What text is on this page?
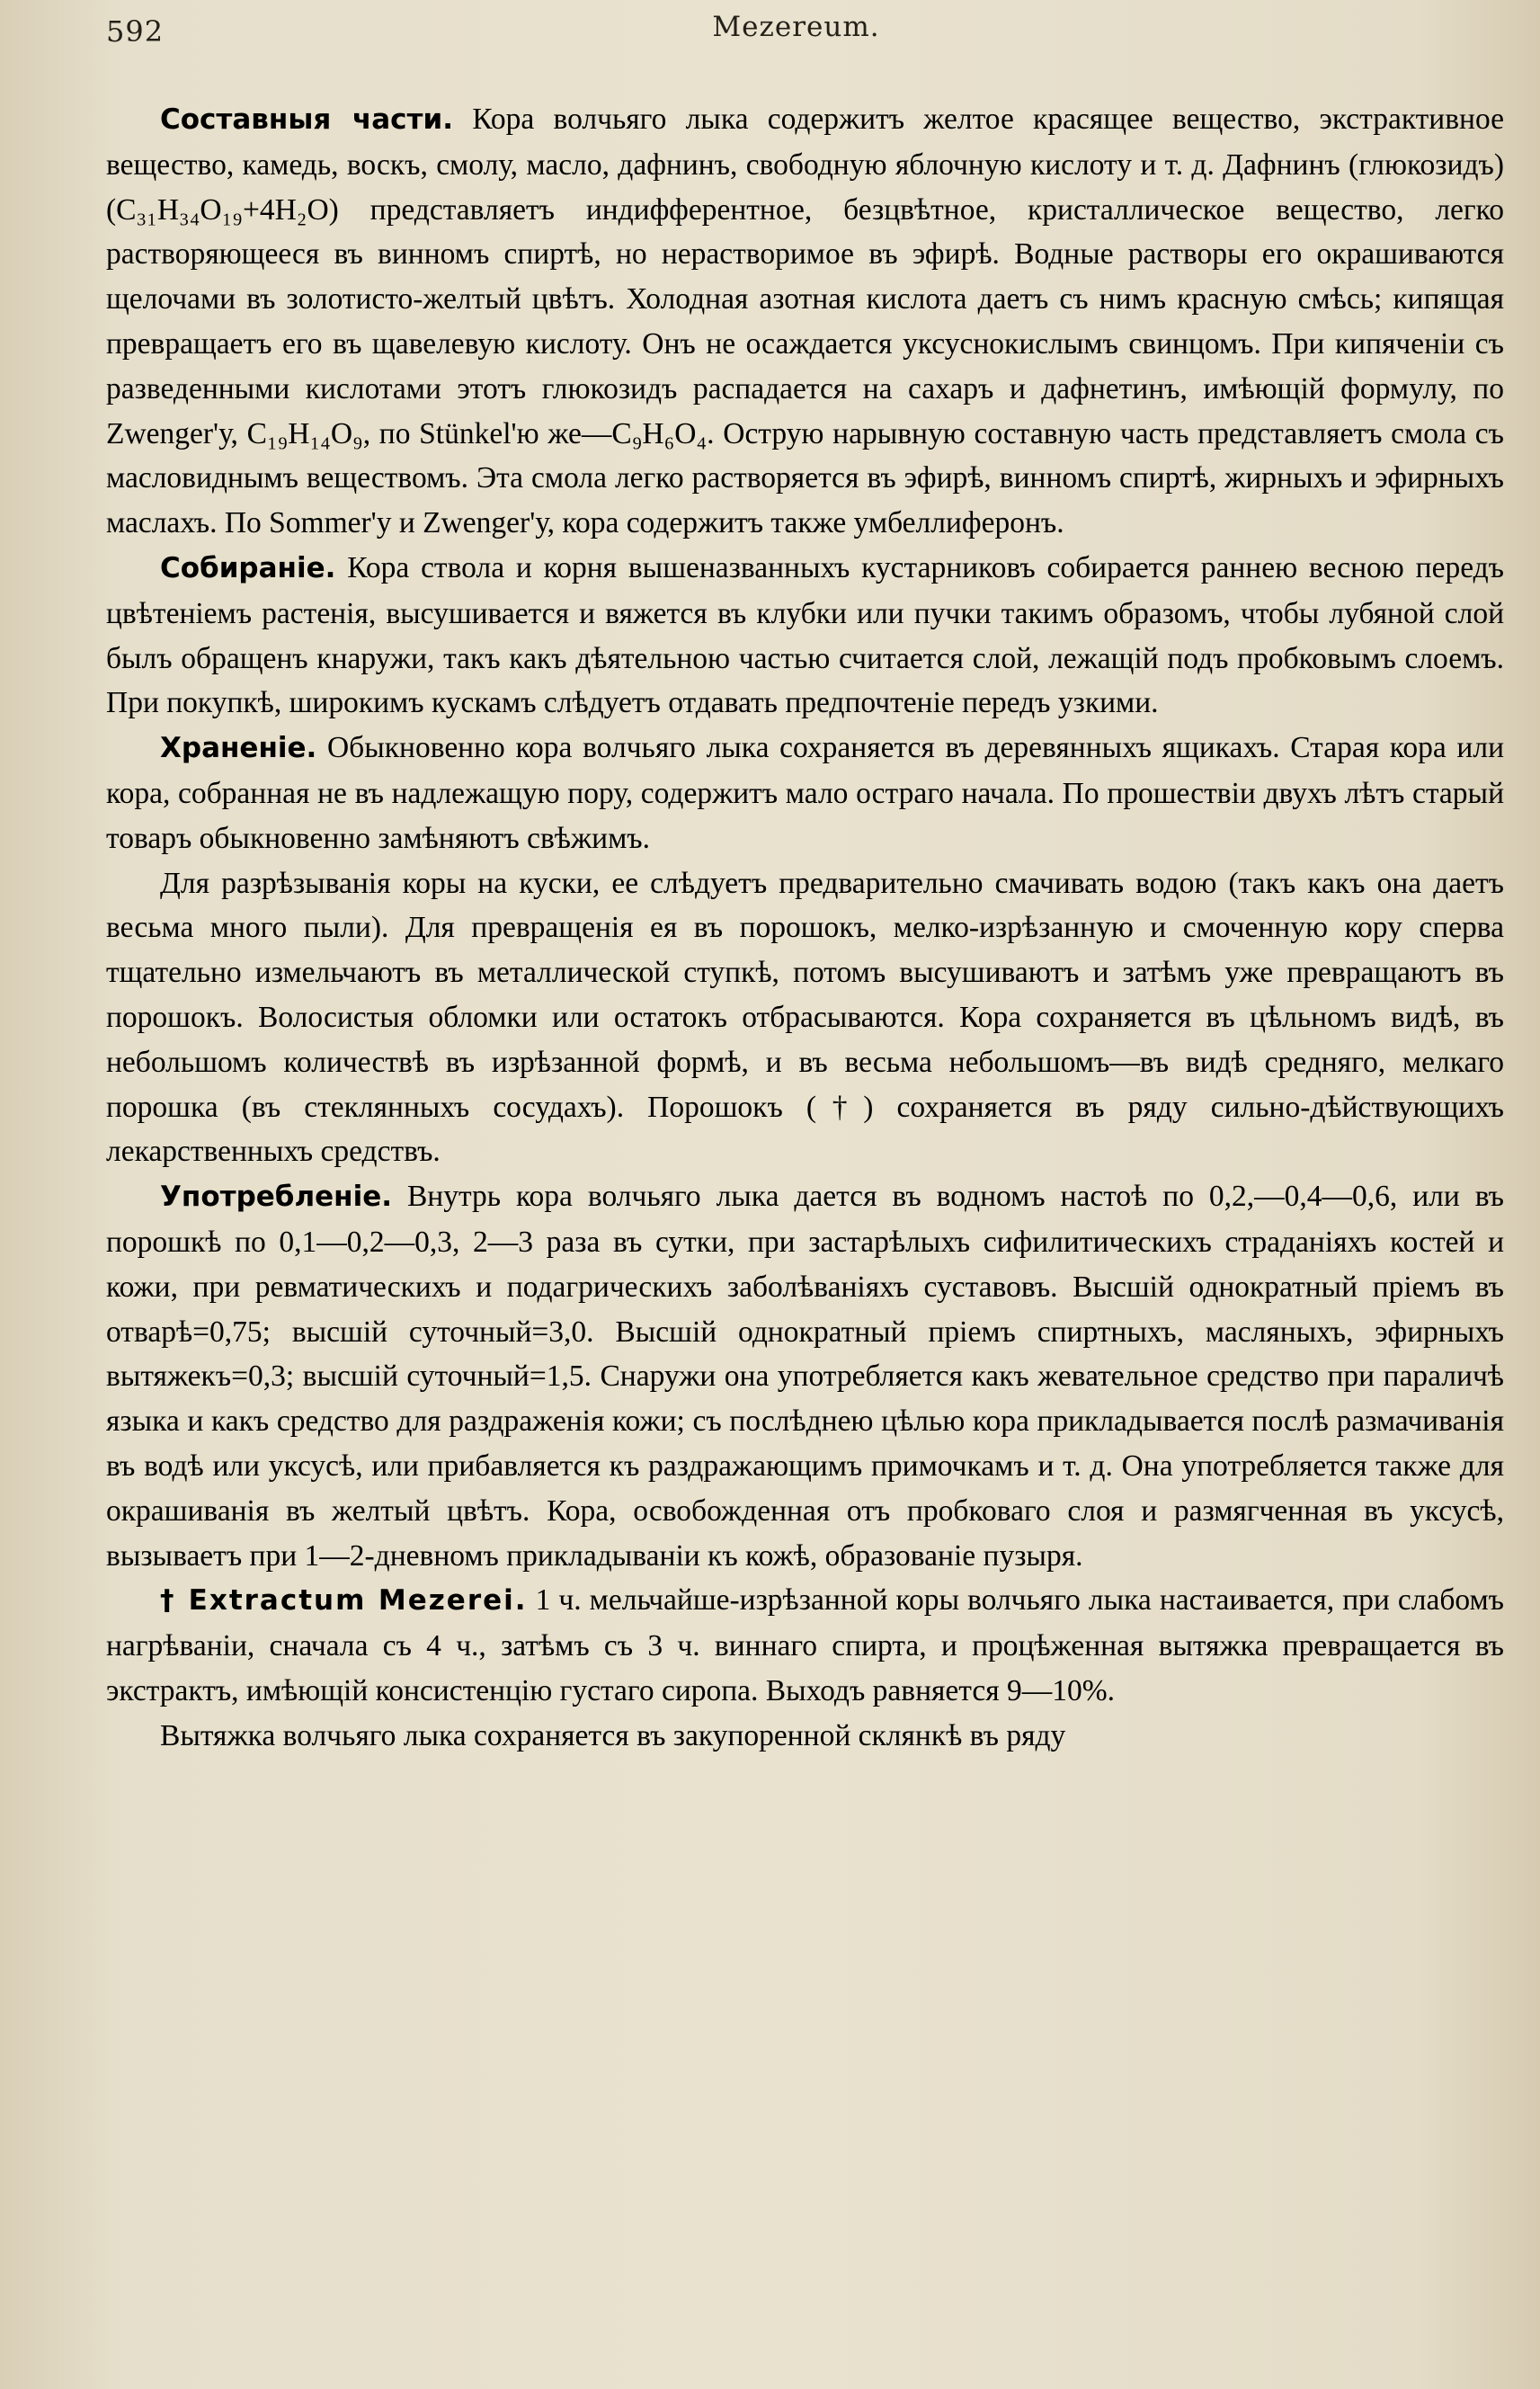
592	Mezereum.

Составныя части. Кора волчьяго лыка содержитъ желтое красящее вещество, экстрактивное вещество, камедь, воскъ, смолу, масло, дафнинъ, свободную яблочную кислоту и т. д. Дафнинъ (глюкозидъ) (C₃₁H₃₄O₁₉+4H₂O) представляетъ индифферентное, безцвѣтное, кристаллическое вещество, легко растворяющееся въ винномъ спиртѣ, но нерастворимое въ эфирѣ. Водные растворы его окрашиваются щелочами въ золотисто-желтый цвѣтъ. Холодная азотная кислота даетъ съ нимъ красную смѣсь; кипящая превращаетъ его въ щавелевую кислоту. Онъ не осаждается уксуснокислымъ свинцомъ. При кипяченіи съ разведенными кислотами этотъ глюкозидъ распадается на сахаръ и дафнетинъ, имѣющій формулу, по Zwenger'у, C₁₉H₁₄O₉, по Stünkel'ю же—C₉H₆O₄. Острую нарывную составную часть представляетъ смола съ масловиднымъ веществомъ. Эта смола легко растворяется въ эфирѣ, винномъ спиртѣ, жирныхъ и эфирныхъ маслахъ. По Sommer'у и Zwenger'у, кора содержитъ также умбеллиферонъ.

Собираніе. Кора ствола и корня вышеназванныхъ кустарниковъ собирается раннею весною передъ цвѣтеніемъ растенія, высушивается и вяжется въ клубки или пучки такимъ образомъ, чтобы лубяной слой былъ обращенъ кнаружи, такъ какъ дѣятельною частью считается слой, лежащій подъ пробковымъ слоемъ. При покупкѣ, широкимъ кускамъ слѣдуетъ отдавать предпочтеніе передъ узкими.

Храненіе. Обыкновенно кора волчьяго лыка сохраняется въ деревянныхъ ящикахъ. Старая кора или кора, собранная не въ надлежащую пору, содержитъ мало остраго начала. По прошествіи двухъ лѣтъ старый товаръ обыкновенно замѣняютъ свѣжимъ.

Для разрѣзыванія коры на куски, ее слѣдуетъ предварительно смачивать водою (такъ какъ она даетъ весьма много пыли). Для превращенія ея въ порошокъ, мелко-изрѣзанную и смоченную кору сперва тщательно измельчаютъ въ металлической ступкѣ, потомъ высушиваютъ и затѣмъ уже превращаютъ въ порошокъ. Волосистыя обломки или остатокъ отбрасываются. Кора сохраняется въ цѣльномъ видѣ, въ небольшомъ количествѣ въ изрѣзанной формѣ, и въ весьма небольшомъ—въ видѣ средняго, мелкаго порошка (въ стеклянныхъ сосудахъ). Порошокъ (†) сохраняется въ ряду сильно-дѣйствующихъ лекарственныхъ средствъ.

Употребленіе. Внутрь кора волчьяго лыка дается въ водномъ настоѣ по 0,2,—0,4—0,6, или въ порошкѣ по 0,1—0,2—0,3, 2—3 раза въ сутки, при застарѣлыхъ сифилитическихъ страданіяхъ костей и кожи, при ревматическихъ и подагрическихъ заболѣваніяхъ суставовъ. Высшій однократный пріемъ въ отварѣ=0,75; высшій суточный=3,0. Высшій однократный пріемъ спиртныхъ, масляныхъ, эфирныхъ вытяжекъ=0,3; высшій суточный=1,5. Снаружи она употребляется какъ жевательное средство при параличѣ языка и какъ средство для раздраженія кожи; съ послѣднею цѣлью кора прикладывается послѣ размачиванія въ водѣ или уксусѣ, или прибавляется къ раздражающимъ примочкамъ и т. д. Она употребляется также для окрашиванія въ желтый цвѣтъ. Кора, освобожденная отъ пробковаго слоя и размягченная въ уксусѣ, вызываетъ при 1—2-дневномъ прикладываніи къ кожѣ, образованіе пузыря.

† Extractum Mezerei. 1 ч. мельчайше-изрѣзанной коры волчьяго лыка настаивается, при слабомъ нагрѣваніи, сначала съ 4 ч., затѣмъ съ 3 ч. виннаго спирта, и процѣженная вытяжка превращается въ экстрактъ, имѣющій консистенцію густаго сиропа. Выходъ равняется 9—10%.

Вытяжка волчьяго лыка сохраняется въ закупоренной склянкѣ въ ряду
